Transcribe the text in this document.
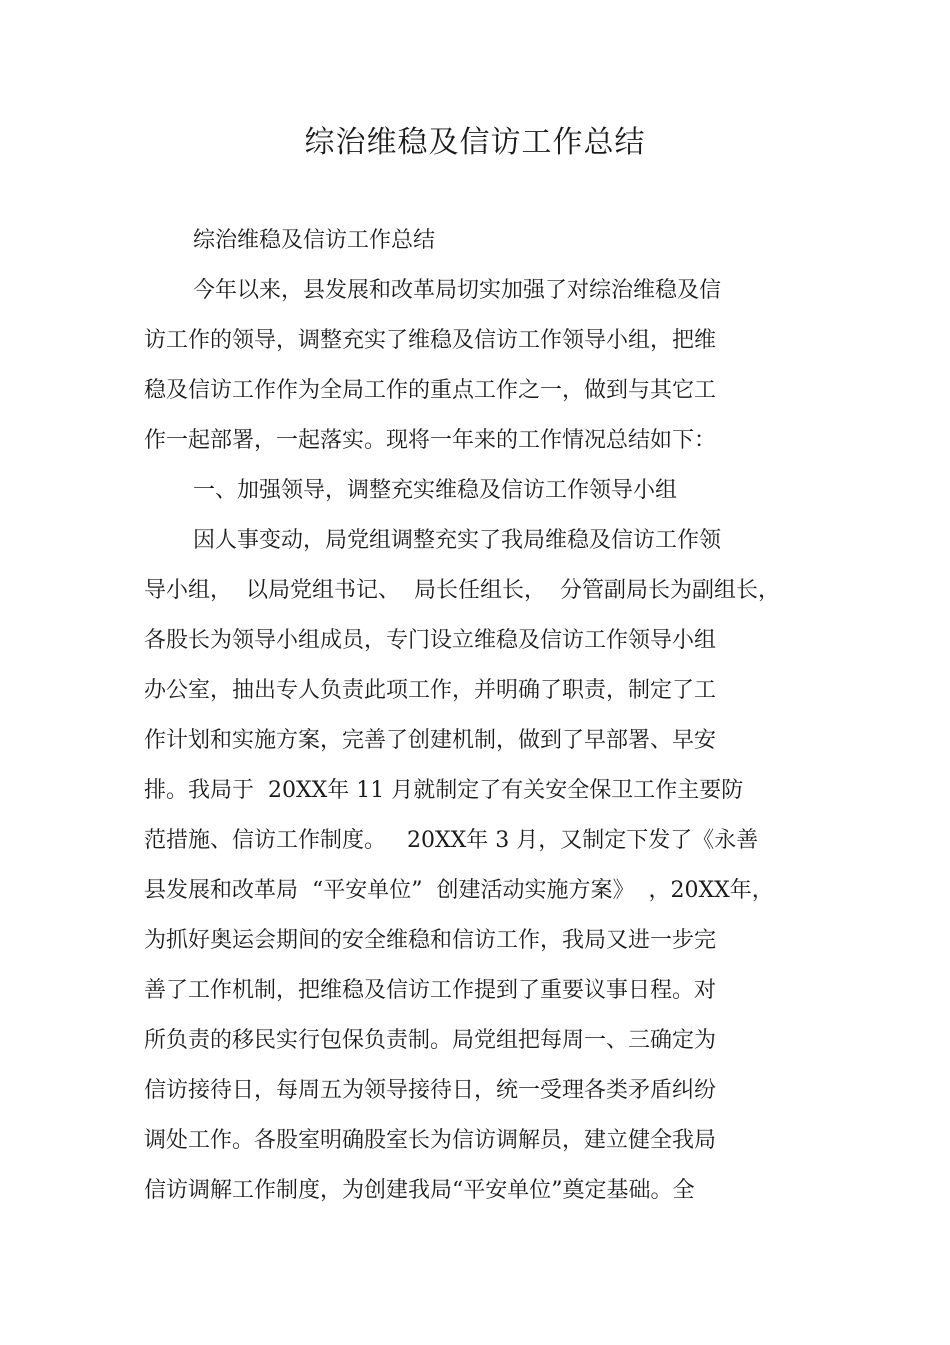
综治维稳及信访工作总结
综治维稳及信访工作总结
今年以来，县发展和改革局切实加强了对综治维稳及信
访工作的领导，调整充实了维稳及信访工作领导小组，把维
稳及信访工作作为全局工作的重点工作之一，做到与其它工
作一起部署，一起落实。现将一年来的工作情况总结如下：
一、加强领导，调整充实维稳及信访工作领导小组
因人事变动，局党组调整充实了我局维稳及信访工作领
导小组，  以局党组书记、  局长任组长，  分管副局长为副组长，
各股长为领导小组成员，专门设立维稳及信访工作领导小组
办公室，抽出专人负责此项工作，并明确了职责，制定了工
作计划和实施方案，完善了创建机制，做到了早部署、早安
排。我局于  20XX年 11 月就制定了有关安全保卫工作主要防
范措施、信访工作制度。   20XX年 3 月，又制定下发了《永善
县发展和改革局  “平安单位”  创建活动实施方案》  ，20XX年，
为抓好奥运会期间的安全维稳和信访工作，我局又进一步完
善了工作机制，把维稳及信访工作提到了重要议事日程。对
所负责的移民实行包保负责制。局党组把每周一、三确定为
信访接待日，每周五为领导接待日，统一受理各类矛盾纠纷
调处工作。各股室明确股室长为信访调解员，建立健全我局
信访调解工作制度，为创建我局“平安单位”奠定基础。全
